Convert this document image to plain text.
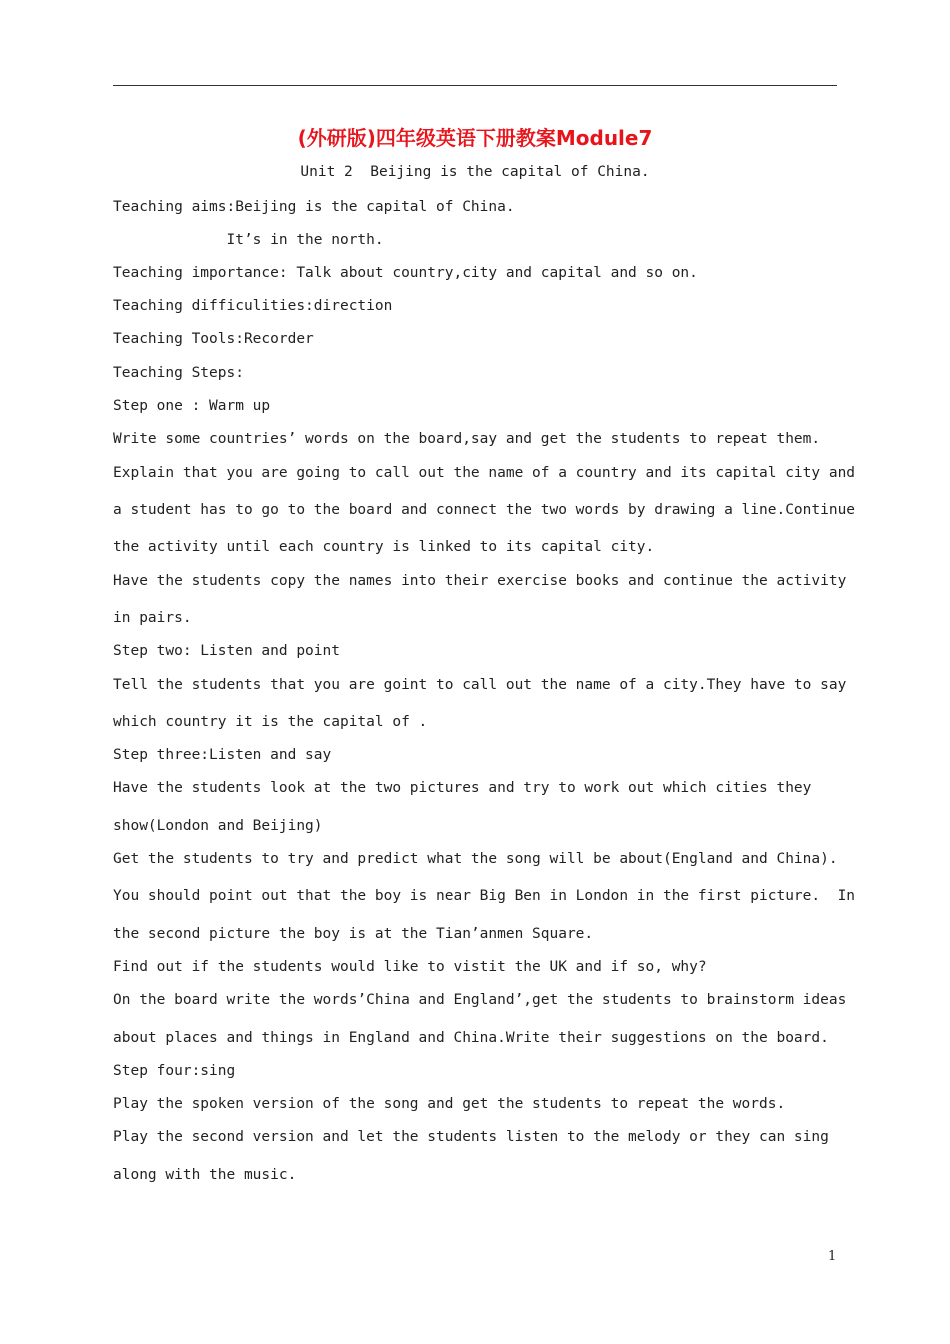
(外研版)四年级英语下册教案Module7
Unit 2  Beijing is the capital of China.
Teaching aims:Beijing is the capital of China.
It’s in the north.
Teaching importance: Talk about country,city and capital and so on.
Teaching difficulities:direction
Teaching Tools:Recorder
Teaching Steps:
Step one : Warm up
Write some countries’ words on the board,say and get the students to repeat them.
Explain that you are going to call out the name of a country and its capital city and
a student has to go to the board and connect the two words by drawing a line.Continue
the activity until each country is linked to its capital city.
Have the students copy the names into their exercise books and continue the activity
in pairs.
Step two: Listen and point
Tell the students that you are goint to call out the name of a city.They have to say
which country it is the capital of .
Step three:Listen and say
Have the students look at the two pictures and try to work out which cities they
show(London and Beijing)
Get the students to try and predict what the song will be about(England and China).
You should point out that the boy is near Big Ben in London in the first picture.  In
the second picture the boy is at the Tian’anmen Square.
Find out if the students would like to vistit the UK and if so, why?
On the board write the words’China and England’,get the students to brainstorm ideas
about places and things in England and China.Write their suggestions on the board.
Step four:sing
Play the spoken version of the song and get the students to repeat the words.
Play the second version and let the students listen to the melody or they can sing
along with the music.
1
